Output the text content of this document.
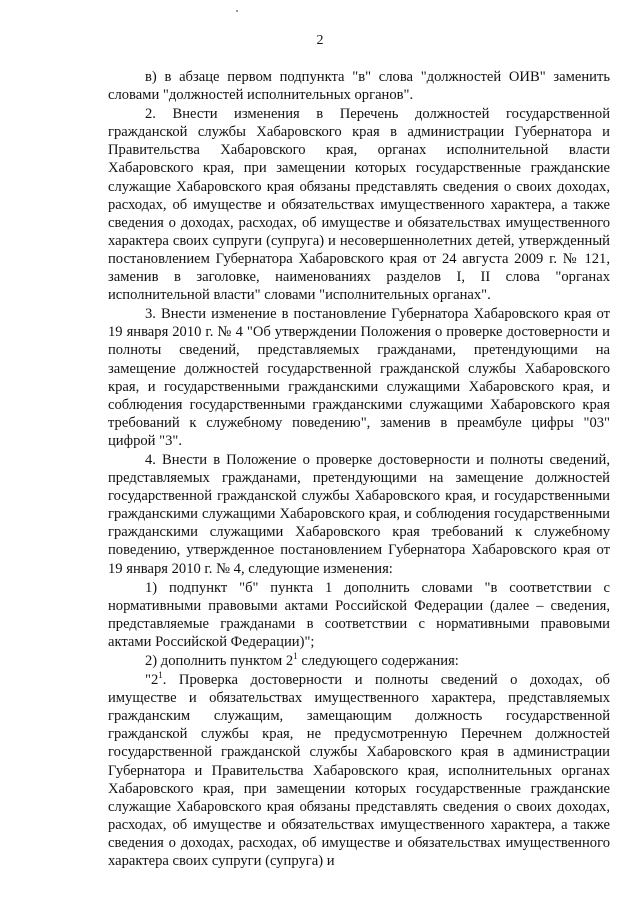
2

в) в абзаце первом подпункта "в" слова "должностей ОИВ" заменить словами "должностей исполнительных органов".

2. Внести изменения в Перечень должностей государственной гражданской службы Хабаровского края в администрации Губернатора и Правительства Хабаровского края, органах исполнительной власти Хабаровского края, при замещении которых государственные гражданские служащие Хабаровского края обязаны представлять сведения о своих доходах, расходах, об имуществе и обязательствах имущественного характера, а также сведения о доходах, расходах, об имуществе и обязательствах имущественного характера своих супруги (супруга) и несовершеннолетних детей, утвержденный постановлением Губернатора Хабаровского края от 24 августа 2009 г. № 121, заменив в заголовке, наименованиях разделов I, II слова "органах исполнительной власти" словами "исполнительных органах".

3. Внести изменение в постановление Губернатора Хабаровского края от 19 января 2010 г. № 4 "Об утверждении Положения о проверке достоверности и полноты сведений, представляемых гражданами, претендующими на замещение должностей государственной гражданской службы Хабаровского края, и государственными гражданскими служащими Хабаровского края, и соблюдения государственными гражданскими служащими Хабаровского края требований к служебному поведению", заменив в преамбуле цифры "03" цифрой "3".

4. Внести в Положение о проверке достоверности и полноты сведений, представляемых гражданами, претендующими на замещение должностей государственной гражданской службы Хабаровского края, и государственными гражданскими служащими Хабаровского края, и соблюдения государственными гражданскими служащими Хабаровского края требований к служебному поведению, утвержденное постановлением Губернатора Хабаровского края от 19 января 2010 г. № 4, следующие изменения:

1) подпункт "б" пункта 1 дополнить словами "в соответствии с нормативными правовыми актами Российской Федерации (далее – сведения, представляемые гражданами в соответствии с нормативными правовыми актами Российской Федерации)";

2) дополнить пунктом $2^1$ следующего содержания:

"$2^1$. Проверка достоверности и полноты сведений о доходах, об имуществе и обязательствах имущественного характера, представляемых гражданским служащим, замещающим должность государственной гражданской службы края, не предусмотренную Перечнем должностей государственной гражданской службы Хабаровского края в администрации Губернатора и Правительства Хабаровского края, исполнительных органах Хабаровского края, при замещении которых государственные гражданские служащие Хабаровского края обязаны представлять сведения о своих доходах, расходах, об имуществе и обязательствах имущественного характера, а также сведения о доходах, расходах, об имуществе и обязательствах имущественного характера своих супруги (супруга) и
